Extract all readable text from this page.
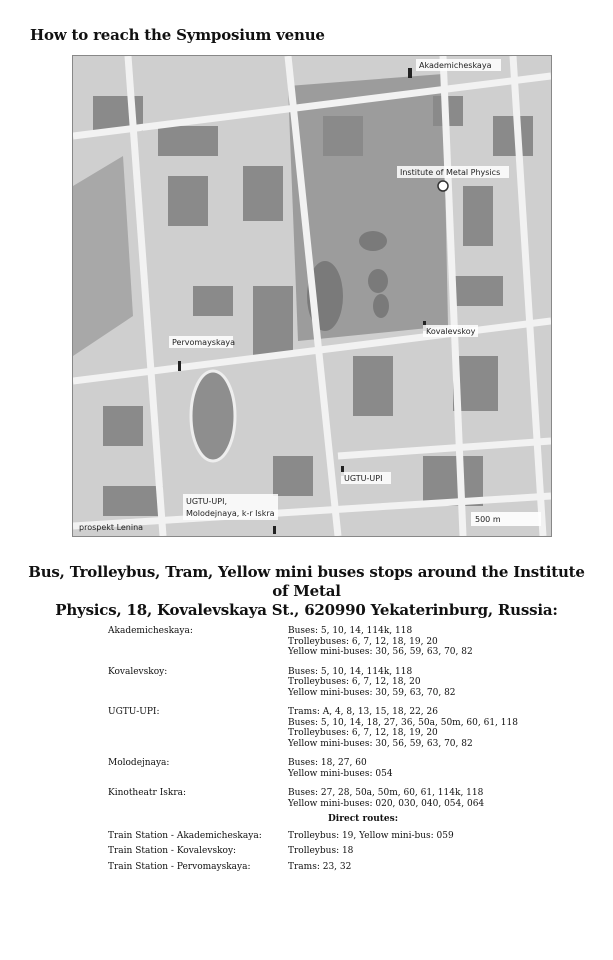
How to reach the Symposium venue
Akademicheskaya
Institute of Metal Physics
Pervomayskaya
Kovalevskoy
UGTU-UPI
UGTU-UPI,
Molodejnaya, k-r Iskra
prospekt Lenina
500 m
Bus, Trolleybus, Tram, Yellow mini buses stops around the Institute of Metal
Physics, 18, Kovalevskaya St., 620990 Yekaterinburg, Russia:
Akademicheskaya:	Buses: 5, 10, 14, 114k, 118
Trolleybuses: 6, 7, 12, 18, 19, 20
Yellow mini-buses: 30, 56, 59, 63, 70, 82
Kovalevskoy:	Buses: 5, 10, 14, 114k, 118
Trolleybuses: 6, 7, 12, 18, 20
Yellow mini-buses: 30, 59, 63, 70, 82
UGTU-UPI:	Trams: A, 4, 8, 13, 15, 18, 22, 26
Buses: 5, 10, 14, 18, 27, 36, 50a, 50m, 60, 61, 118
Trolleybuses: 6, 7, 12, 18, 19, 20
Yellow mini-buses: 30, 56, 59, 63, 70, 82
Molodejnaya:	Buses: 18, 27, 60
Yellow mini-buses: 054
Kinotheatr Iskra:	Buses: 27, 28, 50a, 50m, 60, 61, 114k, 118
Yellow mini-buses: 020, 030, 040, 054, 064
Direct routes:
Train Station - Akademicheskaya:	Trolleybus: 19, Yellow mini-bus: 059
Train Station - Kovalevskoy:	Trolleybus: 18
Train Station - Pervomayskaya:	Trams: 23, 32
